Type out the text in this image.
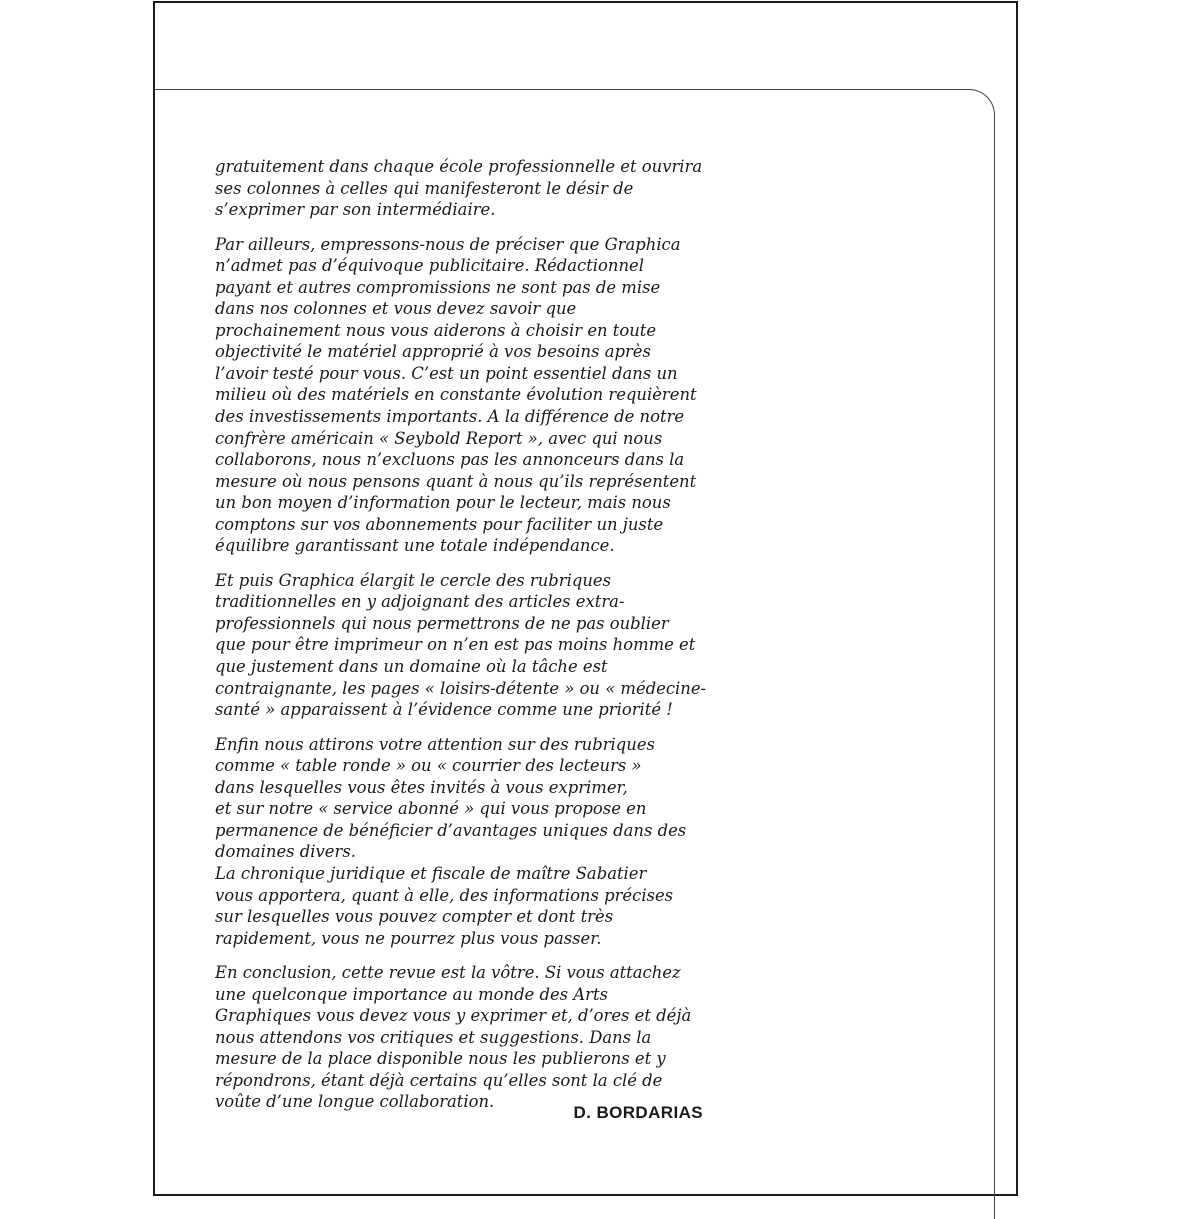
gratuitement dans chaque école professionnelle et ouvrira
ses colonnes à celles qui manifesteront le désir de
s’exprimer par son intermédiaire.

Par ailleurs, empressons-nous de préciser que Graphica
n’admet pas d’équivoque publicitaire. Rédactionnel
payant et autres compromissions ne sont pas de mise
dans nos colonnes et vous devez savoir que
prochainement nous vous aiderons à choisir en toute
objectivité le matériel approprié à vos besoins après
l’avoir testé pour vous. C’est un point essentiel dans un
milieu où des matériels en constante évolution requièrent
des investissements importants. A la différence de notre
confrère américain « Seybold Report », avec qui nous
collaborons, nous n’excluons pas les annonceurs dans la
mesure où nous pensons quant à nous qu’ils représentent
un bon moyen d’information pour le lecteur, mais nous
comptons sur vos abonnements pour faciliter un juste
équilibre garantissant une totale indépendance.

Et puis Graphica élargit le cercle des rubriques
traditionnelles en y adjoignant des articles extra-
professionnels qui nous permettrons de ne pas oublier
que pour être imprimeur on n’en est pas moins homme et
que justement dans un domaine où la tâche est
contraignante, les pages « loisirs-détente » ou « médecine-
santé » apparaissent à l’évidence comme une priorité !

Enfin nous attirons votre attention sur des rubriques
comme « table ronde » ou « courrier des lecteurs »
dans lesquelles vous êtes invités à vous exprimer,
et sur notre « service abonné » qui vous propose en
permanence de bénéficier d’avantages uniques dans des
domaines divers.
La chronique juridique et fiscale de maître Sabatier
vous apportera, quant à elle, des informations précises
sur lesquelles vous pouvez compter et dont très
rapidement, vous ne pourrez plus vous passer.

En conclusion, cette revue est la vôtre. Si vous attachez
une quelconque importance au monde des Arts
Graphiques vous devez vous y exprimer et, d’ores et déjà
nous attendons vos critiques et suggestions. Dans la
mesure de la place disponible nous les publierons et y
répondrons, étant déjà certains qu’elles sont la clé de
voûte d’une longue collaboration.

D. BORDARIAS
